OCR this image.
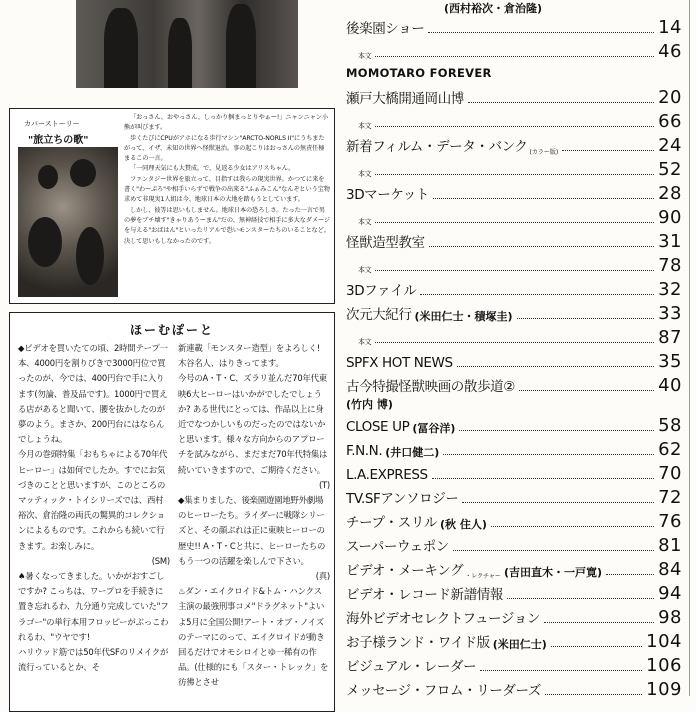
カバーストーリー
"旅立ちの歌"

「おっさん、おやっさん、しっかり掴まっとりやぁー!」ニャンニャン小熊が叫びます。

歩くたびにCPUがアホになる歩行マシン"ARCTO-NORLS II"にうちまたがって、イザ、未知の世界へ怪獣退治。事の起こりはおっさんの無責任極まるこの一言。

「一同理天気にも大賛成。で、見返る少女はアリスちゃん。

ファンタジー世界を旅立って、目指すは我らの現実世界。かつてに来を書く"わーぷろ"や相手いらずで戦争の出来る"ふぁみこん"なんぞという宝物求めて非現実1人組は今、地球日本の大地を踏もうとしています。

しかし、彼等は思いもしません。地球日本の恐ろしさ。たった一言で男の夢をブチ壊す"きゃりあうーまん"だの、無神経技で相手に多大なダメージを与える"おばはん"といったリアルで恐いモンスターたちのいることなど。決して思いもしなかったのです。

ほーむぽーと

◆ビデオを買いたての頃、2時間テープ一本、4000円を割りびきで3000円位で買ったのが、今では、400円台で手に入ります(勿論、普及品です)。1000円で買える店があると聞いて、腰を抜かしたのが夢のよう。まさか、200円台にはならんでしょうね。

今月の巻頭特集「おもちゃによる70年代ヒーロー」は如何でしたか。すでにお気づきのことと思いますが、このところのマッティック・トイシリーズでは、西村裕次、倉治隆の両氏の驚異的コレクションによるものです。これからも続いて行きます。お楽しみに。

(SM)

♠暑くなってきました。いかがおすごしですか? こっちは、ワープロを手続きに置き忘れるわ、九分通り完成していた"フラゴー"の単行本用フロッピーがぶっこわれるわ、"ウヤです!

ハリウッド筋では50年代SFのリメイクが流行っているとか、そ

新連載「モンスター造型」をよろしく! 木谷名人、はりきってます。

今号のA・T・C、ズラリ並んだ70年代東映6大ヒーローはいかがでしたでしょうか? ある世代にとっては、作品以上に身近でなつかしいものだったのではないかと思います。様々な方向からのアプローチを試みながら、まだまだ70年代特集は続いていきますので、ご期待ください。

(T)

◆集まりました、後楽園遊園地野外劇場のヒーローたち。ライダーに戦隊シリーズと、その顔ぶれは正に東映ヒーローの歴史!! A・T・Cと共に、ヒーローたちのもう一つの活躍を楽しんで下さい。

(真)

♨ダン・エイクロイド&トム・ハンクス主演の最強刑事コメ"ドラグネット"よいよ5月に全国公開!アート・オブ・ノイズのテーマにのって、エイクロイドが動き回るだけでオモシロイとゆ一稀有の作品。(仕様的にも「スター・トレック」を彷彿とさせ

(西村裕次・倉治隆)
MOMOTARO FOREVER
後楽園ショー	14
本文	46
瀬戸大橋開通岡山博	20
本文	66
新着フィルム・データ・バンク (カラー版)	24
本文	52
3Dマーケット	28
本文	90
怪獣造型教室	31
本文	78
3Dファイル	32
次元大紀行 (米田仁士・積塚圭)	33
本文	87
SPFX HOT NEWS	35
古今特撮怪獣映画の散歩道②	40
CLOSE UP (冨谷洋)	58
F.N.N. (井口健二)	62
L.A.EXPRESS	70
TV.SFアンソロジー	72
チープ・スリル (秋 住人)	76
スーパーウェポン	81
ビデオ・メーキング ・レクチャー (吉田直木・一戸寛)	84
ビデオ・レコード新譜情報	94
海外ビデオセレクトフュージョン	98
お子様ランド・ワイド版 (米田仁士)	104
ビジュアル・レーダー	106
メッセージ・フロム・リーダーズ	109
(竹内 博)
